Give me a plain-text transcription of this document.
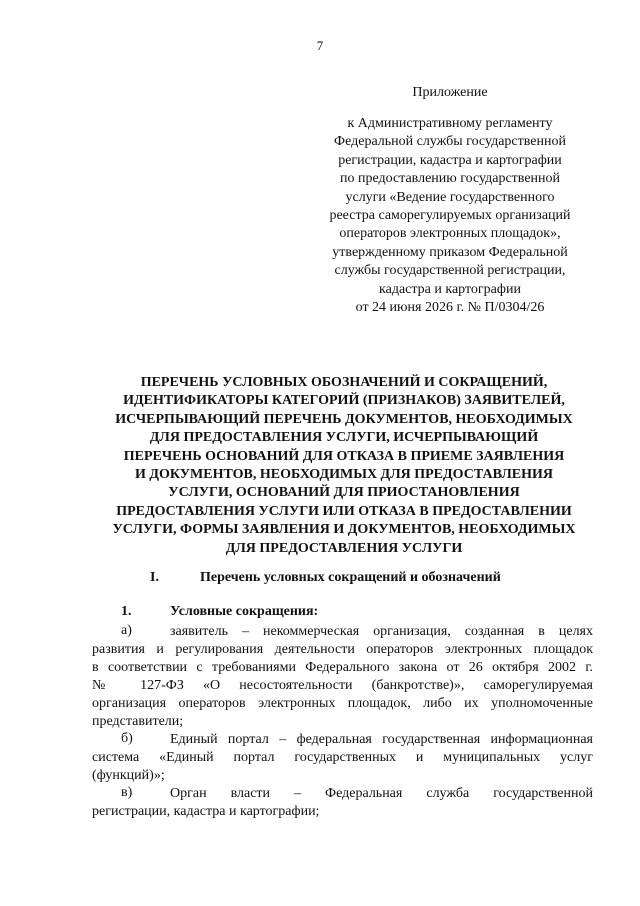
7
Приложение
к Административному регламенту
Федеральной службы государственной
регистрации, кадастра и картографии
по предоставлению государственной
услуги «Ведение государственного
реестра саморегулируемых организаций
операторов электронных площадок»,
утвержденному приказом Федеральной
службы государственной регистрации,
кадастра и картографии
от 24 июня 2026 г. № П/0304/26
ПЕРЕЧЕНЬ УСЛОВНЫХ ОБОЗНАЧЕНИЙ И СОКРАЩЕНИЙ,
ИДЕНТИФИКАТОРЫ КАТЕГОРИЙ (ПРИЗНАКОВ) ЗАЯВИТЕЛЕЙ,
ИСЧЕРПЫВАЮЩИЙ ПЕРЕЧЕНЬ ДОКУМЕНТОВ, НЕОБХОДИМЫХ
ДЛЯ ПРЕДОСТАВЛЕНИЯ УСЛУГИ, ИСЧЕРПЫВАЮЩИЙ
ПЕРЕЧЕНЬ ОСНОВАНИЙ ДЛЯ ОТКАЗА В ПРИЕМЕ ЗАЯВЛЕНИЯ
И ДОКУМЕНТОВ, НЕОБХОДИМЫХ ДЛЯ ПРЕДОСТАВЛЕНИЯ
УСЛУГИ, ОСНОВАНИЙ ДЛЯ ПРИОСТАНОВЛЕНИЯ
ПРЕДОСТАВЛЕНИЯ УСЛУГИ ИЛИ ОТКАЗА В ПРЕДОСТАВЛЕНИИ
УСЛУГИ, ФОРМЫ ЗАЯВЛЕНИЯ И ДОКУМЕНТОВ, НЕОБХОДИМЫХ
ДЛЯ ПРЕДОСТАВЛЕНИЯ УСЛУГИ
I.	Перечень условных сокращений и обозначений
1.	Условные сокращения:
а)	заявитель – некоммерческая организация, созданная в целях
развития и регулирования деятельности операторов электронных площадок
в соответствии с требованиями Федерального закона от 26 октября 2002 г.
№ 127-ФЗ «О несостоятельности (банкротстве)», саморегулируемая
организация операторов электронных площадок, либо их уполномоченные
представители;
б)	Единый портал – федеральная государственная информационная
система «Единый портал государственных и муниципальных услуг
(функций)»;
в)	Орган власти – Федеральная служба государственной
регистрации, кадастра и картографии;
